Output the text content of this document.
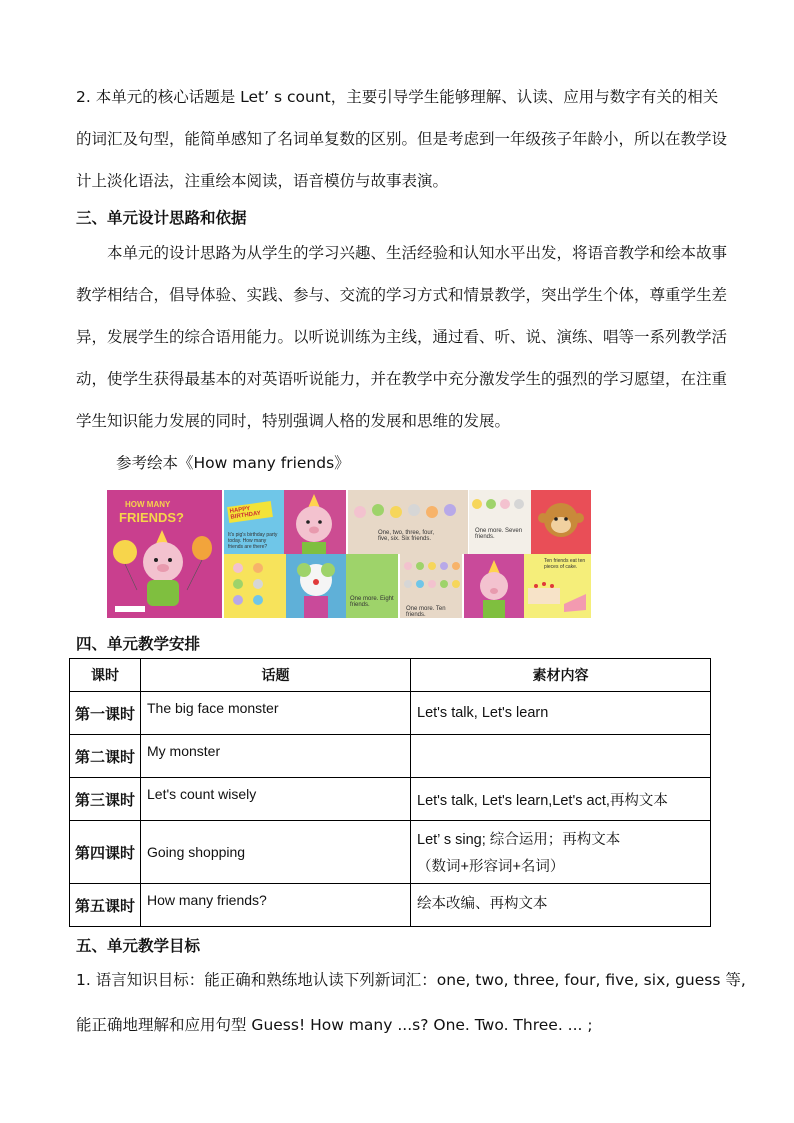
2. 本单元的核心话题是 Let’ s count，主要引导学生能够理解、认读、应用与数字有关的相关

的词汇及句型，能简单感知了名词单复数的区别。但是考虑到一年级孩子年龄小，所以在教学设

计上淡化语法，注重绘本阅读，语音模仿与故事表演。

三、单元设计思路和依据

本单元的设计思路为从学生的学习兴趣、生活经验和认知水平出发，将语音教学和绘本故事

教学相结合，倡导体验、实践、参与、交流的学习方式和情景教学，突出学生个体，尊重学生差

异，发展学生的综合语用能力。以听说训练为主线，通过看、听、说、演练、唱等一系列教学活

动，使学生获得最基本的对英语听说能力，并在教学中充分激发学生的强烈的学习愿望，在注重

学生知识能力发展的同时，特别强调人格的发展和思维的发展。

参考绘本《How many friends》
HOW MANY
FRIENDS?	HAPPY BIRTHDAY
It's pig's birthday party today. How many friends are there?
One, two, three, four, five, six. Six friends.
One more. Seven friends.
One more. Eight friends.
One more. Ten friends.
Ten friends eat ten pieces of cake.

四、单元教学安排

课时	话题	素材内容
第一课时	The big face monster	Let's talk, Let's learn
第二课时	My monster	
第三课时	Let's count wisely	Let's talk, Let's learn,Let's act,再构文本
第四课时	Going shopping	Let’ s sing; 综合运用；再构文本
（数词+形容词+名词）

第五课时	How many friends?	绘本改编、再构文本

五、单元教学目标

1. 语言知识目标：能正确和熟练地认读下列新词汇：one, two, three, four, five, six, guess 等,

能正确地理解和应用句型 Guess! How many ...s? One. Two. Three. ... ;
